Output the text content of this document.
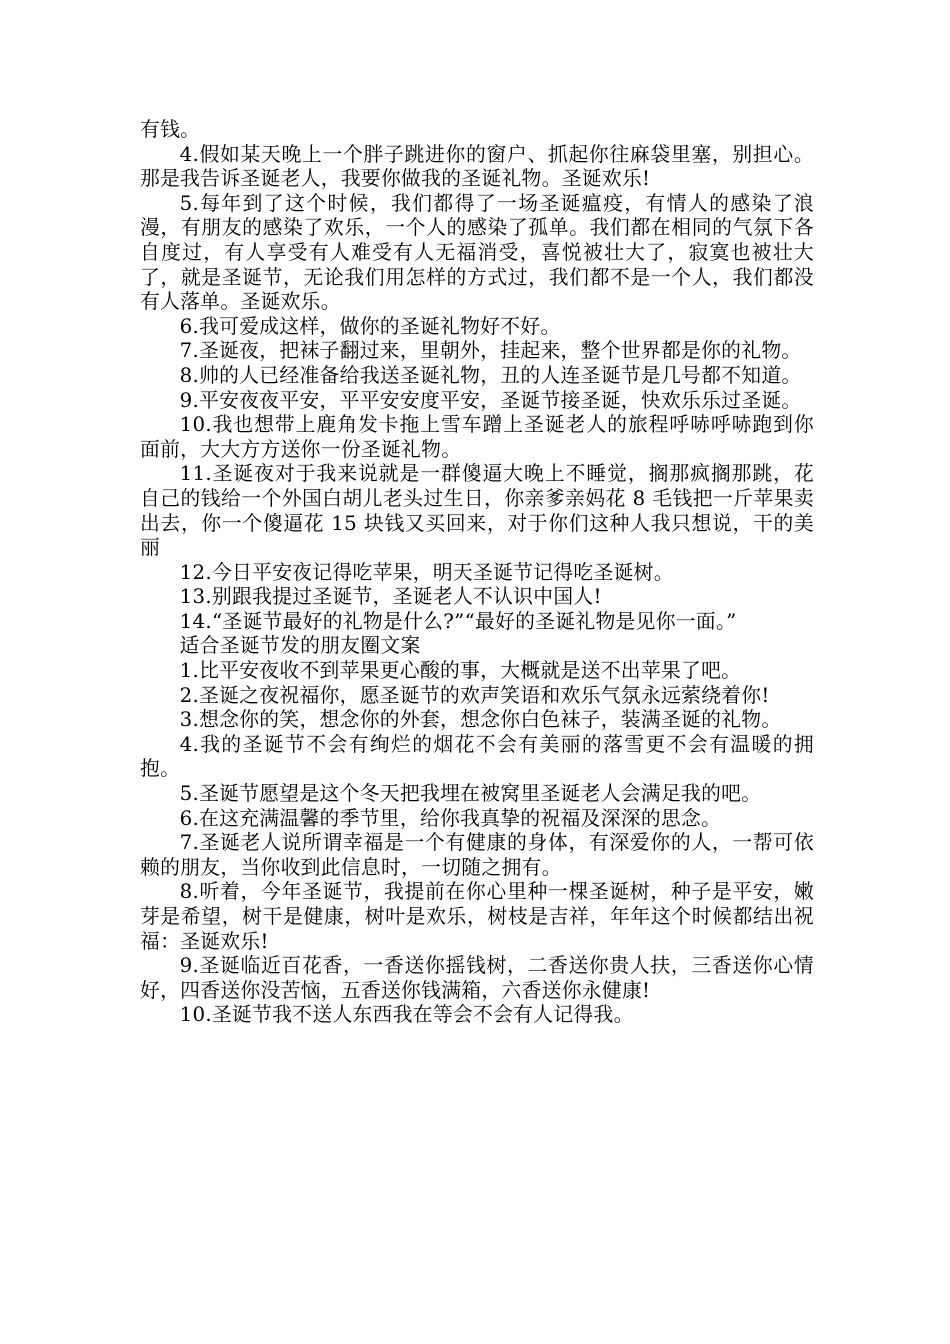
有钱。

4.假如某天晚上一个胖子跳进你的窗户、抓起你往麻袋里塞，别担心。那是我告诉圣诞老人，我要你做我的圣诞礼物。圣诞欢乐!

5.每年到了这个时候，我们都得了一场圣诞瘟疫，有情人的感染了浪漫，有朋友的感染了欢乐，一个人的感染了孤单。我们都在相同的气氛下各自度过，有人享受有人难受有人无福消受，喜悦被壮大了，寂寞也被壮大了，就是圣诞节，无论我们用怎样的方式过，我们都不是一个人，我们都没有人落单。圣诞欢乐。

6.我可爱成这样，做你的圣诞礼物好不好。

7.圣诞夜，把袜子翻过来，里朝外，挂起来，整个世界都是你的礼物。

8.帅的人已经准备给我送圣诞礼物，丑的人连圣诞节是几号都不知道。

9.平安夜夜平安，平平安安度平安，圣诞节接圣诞，快欢乐乐过圣诞。

10.我也想带上鹿角发卡拖上雪车蹭上圣诞老人的旅程呼哧呼哧跑到你面前，大大方方送你一份圣诞礼物。

11.圣诞夜对于我来说就是一群傻逼大晚上不睡觉，搁那疯搁那跳，花自己的钱给一个外国白胡儿老头过生日，你亲爹亲妈花 8 毛钱把一斤苹果卖出去，你一个傻逼花 15 块钱又买回来，对于你们这种人我只想说，干的美丽

12.今日平安夜记得吃苹果，明天圣诞节记得吃圣诞树。

13.别跟我提过圣诞节，圣诞老人不认识中国人!

14.“圣诞节最好的礼物是什么?”“最好的圣诞礼物是见你一面。”

适合圣诞节发的朋友圈文案

1.比平安夜收不到苹果更心酸的事，大概就是送不出苹果了吧。

2.圣诞之夜祝福你，愿圣诞节的欢声笑语和欢乐气氛永远萦绕着你!

3.想念你的笑，想念你的外套，想念你白色袜子，装满圣诞的礼物。

4.我的圣诞节不会有绚烂的烟花不会有美丽的落雪更不会有温暖的拥抱。

5.圣诞节愿望是这个冬天把我埋在被窝里圣诞老人会满足我的吧。

6.在这充满温馨的季节里，给你我真挚的祝福及深深的思念。

7.圣诞老人说所谓幸福是一个有健康的身体，有深爱你的人，一帮可依赖的朋友，当你收到此信息时，一切随之拥有。

8.听着，今年圣诞节，我提前在你心里种一棵圣诞树，种子是平安，嫩芽是希望，树干是健康，树叶是欢乐，树枝是吉祥，年年这个时候都结出祝福：圣诞欢乐!

9.圣诞临近百花香，一香送你摇钱树，二香送你贵人扶，三香送你心情好，四香送你没苦恼，五香送你钱满箱，六香送你永健康!

10.圣诞节我不送人东西我在等会不会有人记得我。
